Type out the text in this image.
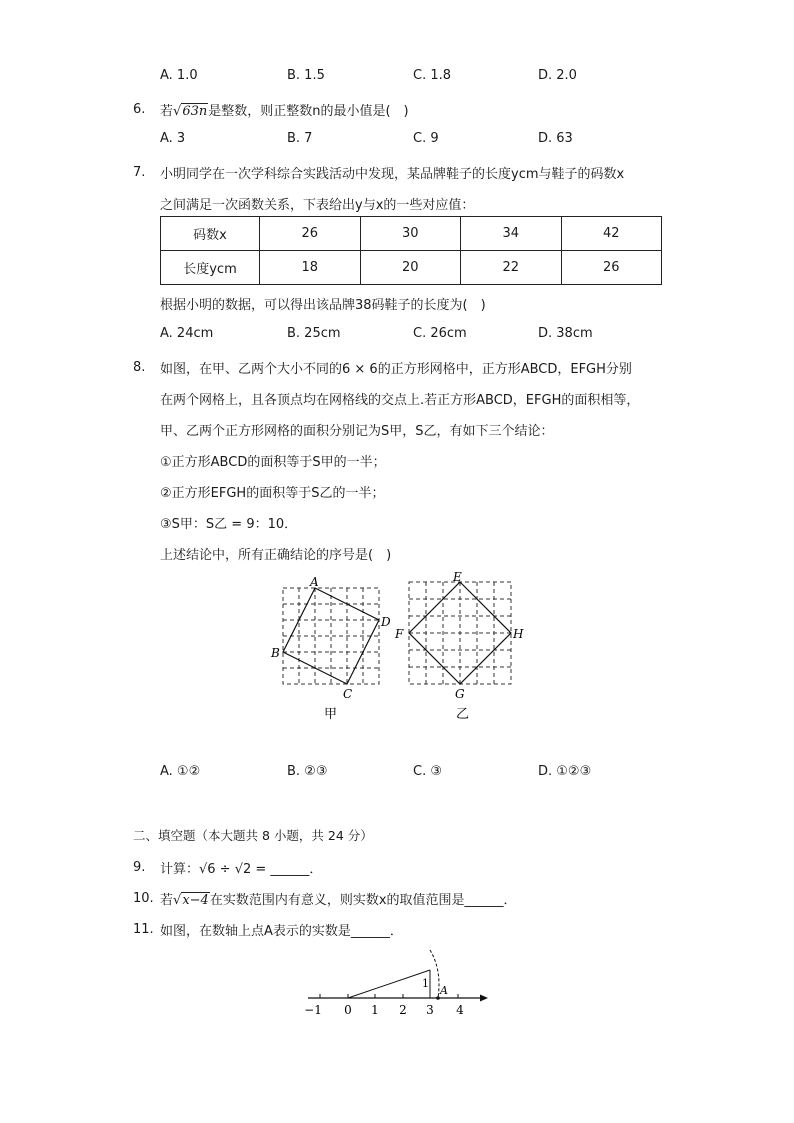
A. 1.0	B. 1.5	C. 1.8	D. 2.0
6. 若√63n是整数，则正整数n的最小值是(　)
A. 3	B. 7	C. 9	D. 63
7. 小明同学在一次学科综合实践活动中发现，某品牌鞋子的长度ycm与鞋子的码数x
之间满足一次函数关系，下表给出y与x的一些对应值：
码数x	26	30	34	42
长度ycm	18	20	22	26
根据小明的数据，可以得出该品牌38码鞋子的长度为(　)
A. 24cm	B. 25cm	C. 26cm	D. 38cm
8. 如图，在甲、乙两个大小不同的6 × 6的正方形网格中，正方形ABCD，EFGH分别
在两个网格上，且各顶点均在网格线的交点上.若正方形ABCD，EFGH的面积相等，
甲、乙两个正方形网格的面积分别记为S甲，S乙，有如下三个结论：
①正方形ABCD的面积等于S甲的一半；
②正方形EFGH的面积等于S乙的一半；
③S甲：S乙 = 9：10．
上述结论中，所有正确结论的序号是(　)
A
D
B
C
甲
E
F	H
G
乙
A. ①②	B. ②③	C. ③	D. ①②③
二、填空题（本大题共 8 小题，共 24 分）
9. 计算：√6 ÷ √2 = ______．
10. 若√x−4在实数范围内有意义，则实数x的取值范围是______．
11. 如图，在数轴上点A表示的实数是______．
1
A
−1 0 1 2 3 4
